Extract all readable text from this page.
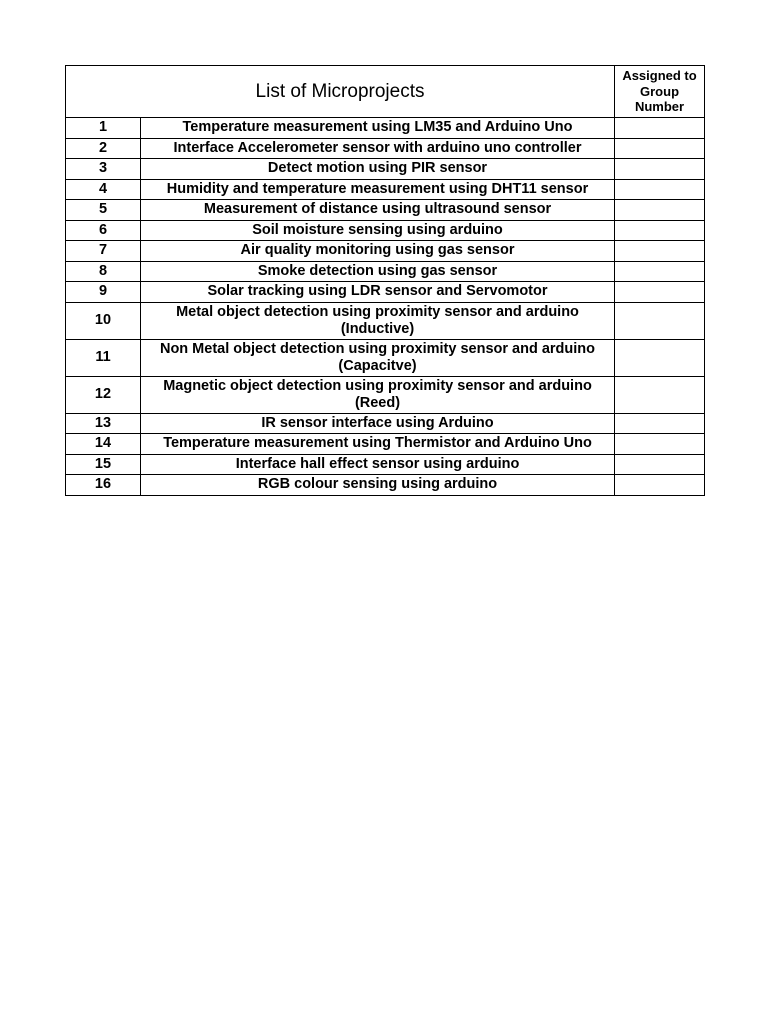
List of Microprojects		Assigned to Group Number
1	Temperature measurement using LM35 and Arduino Uno	
2	Interface Accelerometer sensor with arduino uno controller	
3	Detect motion using PIR sensor	
4	Humidity and temperature measurement using DHT11 sensor	
5	Measurement of distance using ultrasound sensor	
6	Soil moisture sensing using arduino	
7	Air quality monitoring using gas sensor	
8	Smoke detection using gas sensor	
9	Solar tracking using LDR sensor and Servomotor	
10	Metal object detection using proximity sensor and arduino (Inductive)	
11	Non Metal object detection using proximity sensor and arduino (Capacitve)	
12	Magnetic object detection using proximity sensor and arduino (Reed)	
13	IR sensor interface using Arduino	
14	Temperature measurement using Thermistor and Arduino Uno	
15	Interface hall effect sensor using arduino	
16	RGB colour sensing using arduino	
